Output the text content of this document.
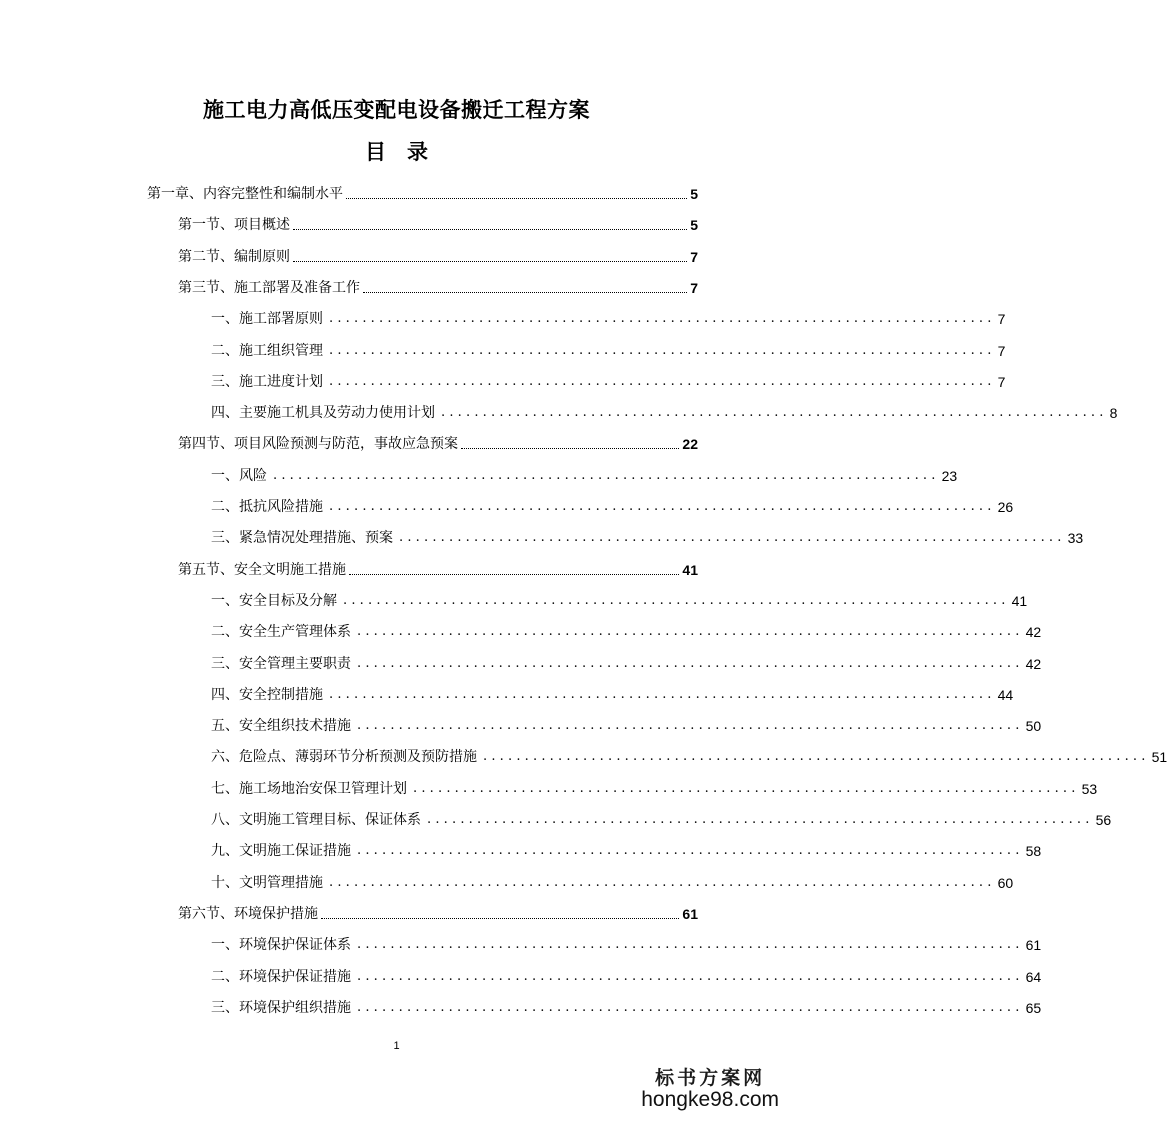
施工电力高低压变配电设备搬迁工程方案
目　录
第一章、内容完整性和编制水平	5
第一节、项目概述	5
第二节、编制原则	7
第三节、施工部署及准备工作	7
一、施工部署原则 ................................................................................ 7
二、施工组织管理 ................................................................................ 7
三、施工进度计划 ................................................................................ 7
四、主要施工机具及劳动力使用计划 ................................................................................ 8
第四节、项目风险预测与防范，事故应急预案	22
一、风险 ................................................................................ 23
二、抵抗风险措施 ................................................................................ 26
三、紧急情况处理措施、预案 ................................................................................ 33
第五节、安全文明施工措施	41
一、安全目标及分解 ................................................................................ 41
二、安全生产管理体系 ................................................................................ 42
三、安全管理主要职责 ................................................................................ 42
四、安全控制措施 ................................................................................ 44
五、安全组织技术措施 ................................................................................ 50
六、危险点、薄弱环节分析预测及预防措施 ................................................................................ 51
七、施工场地治安保卫管理计划 ................................................................................ 53
八、文明施工管理目标、保证体系 ................................................................................ 56
九、文明施工保证措施 ................................................................................ 58
十、文明管理措施 ................................................................................ 60
第六节、环境保护措施	61
一、环境保护保证体系 ................................................................................ 61
二、环境保护保证措施 ................................................................................ 64
三、环境保护组织措施 ................................................................................ 65
1
标书方案网
hongke98.com
